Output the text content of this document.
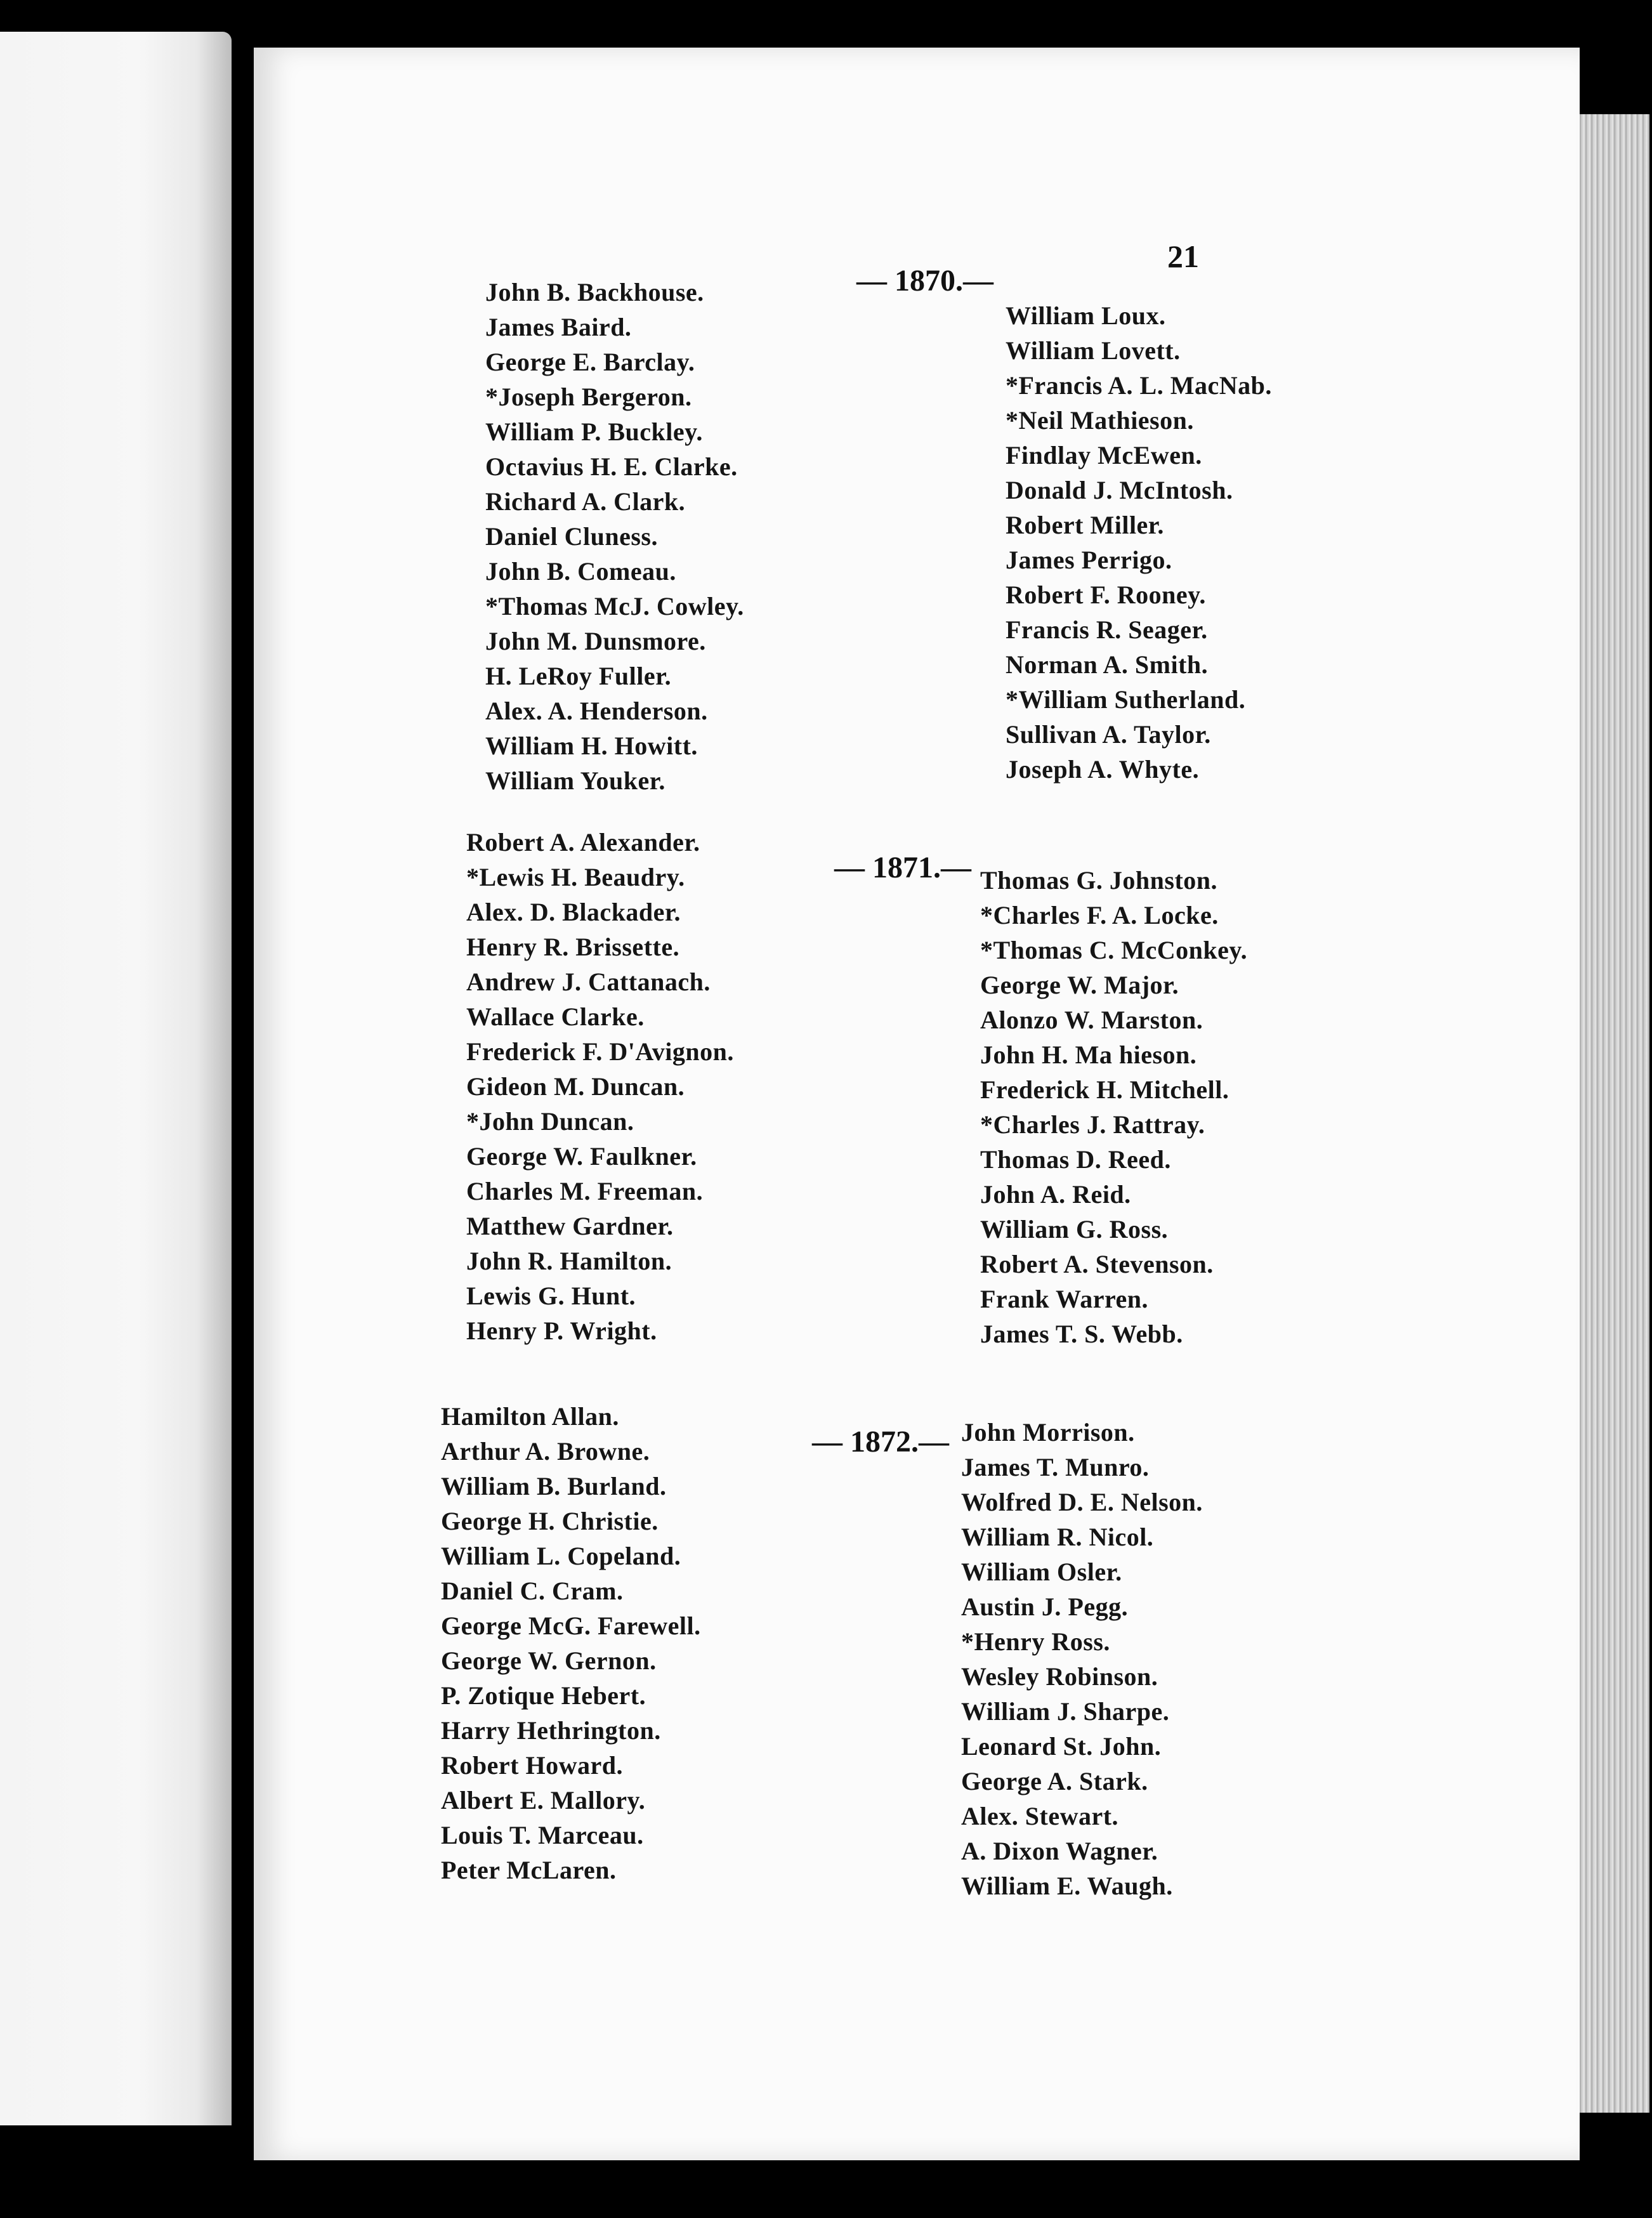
21

— 1870.—

John B. Backhouse.
James Baird.
George E. Barclay.
*Joseph Bergeron.
William P. Buckley.
Octavius H. E. Clarke.
Richard A. Clark.
Daniel Cluness.
John B. Comeau.
*Thomas McJ. Cowley.
John M. Dunsmore.
H. LeRoy Fuller.
Alex. A. Henderson.
William H. Howitt.
William Youker.
William Loux.
William Lovett.
*Francis A. L. MacNab.
*Neil Mathieson.
Findlay McEwen.
Donald J. McIntosh.
Robert Miller.
James Perrigo.
Robert F. Rooney.
Francis R. Seager.
Norman A. Smith.
*William Sutherland.
Sullivan A. Taylor.
Joseph A. Whyte.

— 1871.—

Robert A. Alexander.
*Lewis H. Beaudry.
Alex. D. Blackader.
Henry R. Brissette.
Andrew J. Cattanach.
Wallace Clarke.
Frederick F. D'Avignon.
Gideon M. Duncan.
*John Duncan.
George W. Faulkner.
Charles M. Freeman.
Matthew Gardner.
John R. Hamilton.
Lewis G. Hunt.
Henry P. Wright.
Thomas G. Johnston.
*Charles F. A. Locke.
*Thomas C. McConkey.
George W. Major.
Alonzo W. Marston.
John H. Ma hieson.
Frederick H. Mitchell.
*Charles J. Rattray.
Thomas D. Reed.
John A. Reid.
William G. Ross.
Robert A. Stevenson.
Frank Warren.
James T. S. Webb.

— 1872.—

Hamilton Allan.
Arthur A. Browne.
William B. Burland.
George H. Christie.
William L. Copeland.
Daniel C. Cram.
George McG. Farewell.
George W. Gernon.
P. Zotique Hebert.
Harry Hethrington.
Robert Howard.
Albert E. Mallory.
Louis T. Marceau.
Peter McLaren.
John Morrison.
James T. Munro.
Wolfred D. E. Nelson.
William R. Nicol.
William Osler.
Austin J. Pegg.
*Henry Ross.
Wesley Robinson.
William J. Sharpe.
Leonard St. John.
George A. Stark.
Alex. Stewart.
A. Dixon Wagner.
William E. Waugh.
